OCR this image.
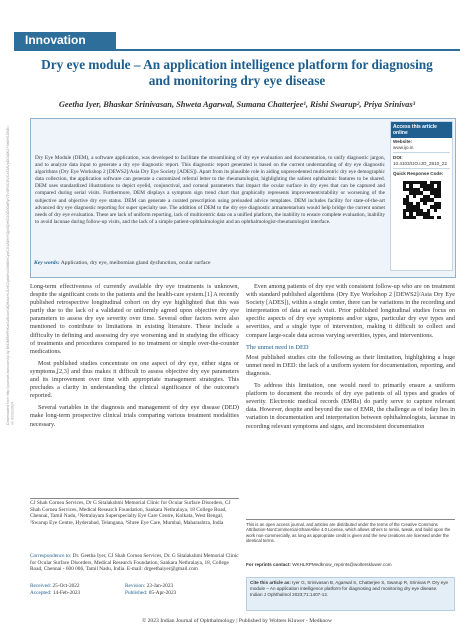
Downloaded from http://journals.lww.com/ijo by BhDMf5ePHKav1zEoum1tQfN4a+kJLhEZgbsIHo4XMi0hCywCX1AWnYQp/IlQrHD3i3D0OdRyi7TvSFl4Cf3VC4/OAVpDDa8K2+Ya6H515kE= on 01/31/2024
Innovation
Dry eye module – An application intelligence platform for diagnosing and monitoring dry eye disease
Geetha Iyer, Bhaskar Srinivasan, Shweta Agarwal, Sumana Chatterjee¹, Rishi Swarup², Priya Srinivas³
Dry Eye Module (DEM), a software application, was developed to facilitate the streamlining of dry eye evaluation and documentation, to unify diagnostic jargon, and to analyze data input to generate a dry eye diagnostic report. This diagnostic report generated is based on the current understanding of dry eye diagnostic algorithms (Dry Eye Workshop 2 [DEWS2]/Asia Dry Eye Society [ADES]). Apart from its plausible role in aiding unprecedented multicentric dry eye demographic data collection, the application software can generate a customized referral letter to the rheumatologist, highlighting the salient ophthalmic features to be shared. DEM uses standardized illustrations to depict eyelid, conjunctival, and corneal parameters that impact the ocular surface in dry eyes that can be captured and compared during serial visits. Furthermore, DEM displays a symptom sign trend chart that graphically represents improvement/stability or worsening of the subjective and objective dry eye status. DEM can generate a curated prescription using preloaded advice templates. DEM includes facility for state-of-the-art advanced dry eye diagnostic reporting for super specialty use. The addition of DEM to the dry eye diagnostic armamentarium would help bridge the current unmet needs of dry eye evaluation. These are lack of uniform reporting, lack of multicentric data on a unified platform, the inability to ensure complete evaluation, inability to avoid lacunae during follow-up visits, and the lack of a simple patient-ophthalmologist and an ophthalmologist-rheumatologist interface.
Access this article online
Website:
www.ijo.in
DOI:
10.4103/IJO.IJO_2810_22
Quick Response Code:
Key words: Application, dry eye, meibomian gland dysfunction, ocular surface

Long-term effectiveness of currently available dry eye treatments is unknown, despite the significant costs to the patients and the health-care system.[1] A recently published retrospective longitudinal cohort on dry eye highlighted that this was partly due to the lack of a validated or uniformly agreed upon objective dry eye parameters to assess dry eye severity over time. Several other factors were also mentioned to contribute to limitations in existing literature. These include a difficulty in defining and assessing dry eye worsening and in studying the efficacy of treatments and procedures compared to no treatment or simple over-the-counter medications.

Most published studies concentrate on one aspect of dry eye, either signs or symptoms,[2,3] and thus makes it difficult to assess objective dry eye parameters and its improvement over time with appropriate management strategies. This precludes a clarity in understanding the clinical significance of the outcome's reported.

Several variables in the diagnosis and management of dry eye disease (DED) make long-term prospective clinical trials comparing various treatment modalities necessary.

Even among patients of dry eye with consistent follow-up who are on treatment with standard published algorithms (Dry Eye Workshop 2 [DEWS2]/Asia Dry Eye Society [ADES]), within a single center, there can be variations in the recording and interpretation of data at each visit. Prior published longitudinal studies focus on specific aspects of dry eye symptoms and/or signs, particular dry eye types and severities, and a single type of intervention, making it difficult to collect and compare large-scale data across varying severities, types, and interventions.

The unmet need in DED

Most published studies cite the following as their limitation, highlighting a huge unmet need in DED: the lack of a uniform system for documentation, reporting, and diagnosis.

To address this limitation, one would need to primarily ensure a uniform platform to document the records of dry eye patients of all types and grades of severity. Electronic medical records (EMRs) do partly serve to capture relevant data. However, despite and beyond the use of EMR, the challenge as of today lies in variation in documentation and interpretation between ophthalmologists, lacunae in recording relevant symptoms and signs, and inconsistent documentation

CJ Shah Cornea Services, Dr G Sitalakshmi Memorial Clinic for Ocular Surface Disorders, CJ Shah Cornea Services, Medical Research Foundation, Sankara Nethralaya, 18 College Road, Chennai, Tamil Nadu, ¹Netralayam Superspecialty Eye Care Centre, Kolkata, West Bengal, ²Swarup Eye Centre, Hyderabad, Telangana, ³Shree Eye Care, Mumbai, Maharashtra, India
Correspondence to: Dr. Geetha Iyer, CJ Shah Cornea Services, Dr. G Sitalakshmi Memorial Clinic for Ocular Surface Disorders, Medical Research Foundation, Sankara Nethralaya, 18, College Road, Chennai - 600 006, Tamil Nadu, India. E-mail: drgeethaiyer@gmail.com
Received: 25-Oct-2022	Revision: 23-Jan-2023
Accepted: 14-Feb-2023	Published: 05-Apr-2023
This is an open access journal, and articles are distributed under the terms of the Creative Commons Attribution-NonCommercial-ShareAlike 4.0 License, which allows others to remix, tweak, and build upon the work non-commercially, as long as appropriate credit is given and the new creations are licensed under the identical terms.
For reprints contact: WKHLRPMedknow_reprints@wolterskluwer.com
Cite this article as: Iyer G, Srinivasan B, Agarwal S, Chatterjee S, Swarup R, Srinivas P. Dry eye module – An application intelligence platform for diagnosing and monitoring dry eye disease. Indian J Ophthalmol 2023;71:1407-12.
© 2023 Indian Journal of Ophthalmology | Published by Wolters Kluwer - Medknow
